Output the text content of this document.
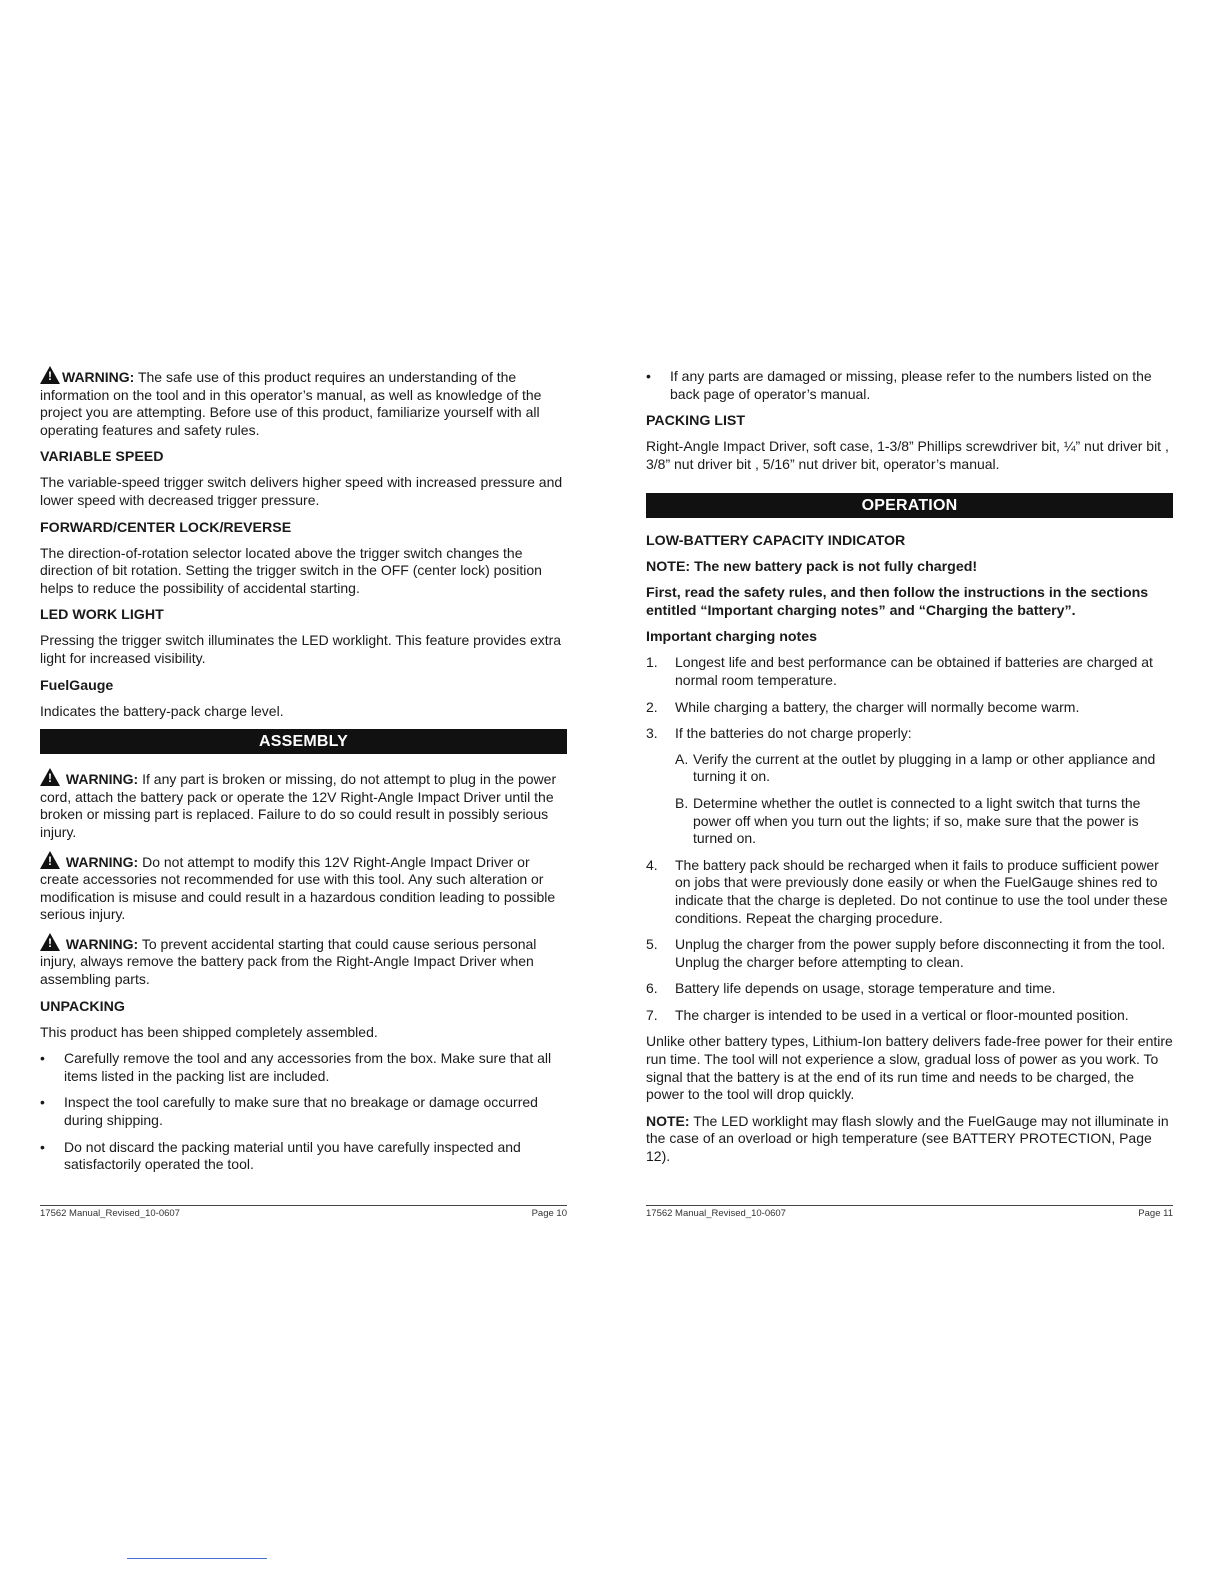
!WARNING: The safe use of this product requires an understanding of the information on the tool and in this operator’s manual, as well as knowledge of the project you are attempting. Before use of this product, familiarize yourself with all operating features and safety rules.

VARIABLE SPEED

The variable-speed trigger switch delivers higher speed with increased pressure and lower speed with decreased trigger pressure.

FORWARD/CENTER LOCK/REVERSE

The direction-of-rotation selector located above the trigger switch changes the direction of bit rotation. Setting the trigger switch in the OFF (center lock) position helps to reduce the possibility of accidental starting.

LED WORK LIGHT

Pressing the trigger switch illuminates the LED worklight. This feature provides extra light for increased visibility.

FuelGauge

Indicates the battery-pack charge level.

ASSEMBLY

! WARNING: If any part is broken or missing, do not attempt to plug in the power cord, attach the battery pack or operate the 12V Right-Angle Impact Driver until the broken or missing part is replaced. Failure to do so could result in possibly serious injury.

! WARNING: Do not attempt to modify this 12V Right-Angle Impact Driver or create accessories not recommended for use with this tool. Any such alteration or modification is misuse and could result in a hazardous condition leading to possible serious injury.

! WARNING: To prevent accidental starting that could cause serious personal injury, always remove the battery pack from the Right-Angle Impact Driver when assembling parts.

UNPACKING

This product has been shipped completely assembled.

• Carefully remove the tool and any accessories from the box. Make sure that all items listed in the packing list are included.
• Inspect the tool carefully to make sure that no breakage or damage occurred during shipping.
• Do not discard the packing material until you have carefully inspected and satisfactorily operated the tool.
17562 Manual_Revised_10-0607	Page 10
• If any parts are damaged or missing, please refer to the numbers listed on the back page of operator’s manual.
PACKING LIST

Right-Angle Impact Driver, soft case, 1-3/8” Phillips screwdriver bit, ¼” nut driver bit , 3/8” nut driver bit , 5/16” nut driver bit, operator’s manual.

OPERATION
LOW-BATTERY CAPACITY INDICATOR
NOTE: The new battery pack is not fully charged!
First, read the safety rules, and then follow the instructions in the sections entitled “Important charging notes” and “Charging the battery”.
Important charging notes
1. Longest life and best performance can be obtained if batteries are charged at normal room temperature.
2. While charging a battery, the charger will normally become warm.
3. If the batteries do not charge properly:
A. Verify the current at the outlet by plugging in a lamp or other appliance and turning it on.
B. Determine whether the outlet is connected to a light switch that turns the power off when you turn out the lights; if so, make sure that the power is turned on.
4. The battery pack should be recharged when it fails to produce sufficient power on jobs that were previously done easily or when the FuelGauge shines red to indicate that the charge is depleted. Do not continue to use the tool under these conditions. Repeat the charging procedure.
5. Unplug the charger from the power supply before disconnecting it from the tool. Unplug the charger before attempting to clean.
6. Battery life depends on usage, storage temperature and time.
7. The charger is intended to be used in a vertical or floor-mounted position.

Unlike other battery types, Lithium-Ion battery delivers fade-free power for their entire run time. The tool will not experience a slow, gradual loss of power as you work. To signal that the battery is at the end of its run time and needs to be charged, the power to the tool will drop quickly.

NOTE: The LED worklight may flash slowly and the FuelGauge may not illuminate in the case of an overload or high temperature (see BATTERY PROTECTION, Page 12).

17562 Manual_Revised_10-0607	Page 11
